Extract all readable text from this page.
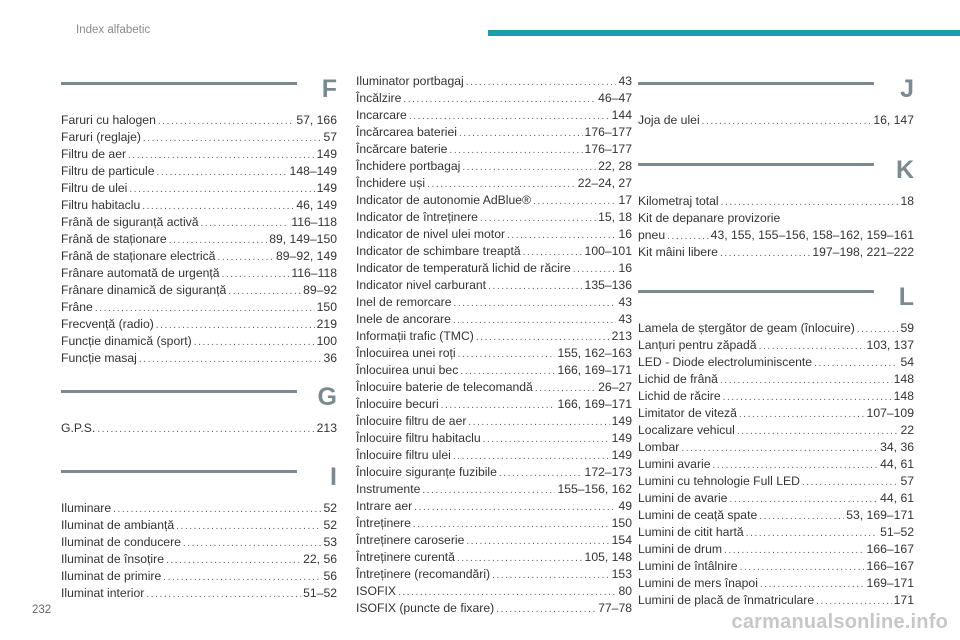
Index alfabetic
F
Faruri cu halogen .....	57, 166
Faruri (reglaje) .....	57
Filtru de aer .....	149
Filtru de particule .....	148–149
Filtru de ulei .....	149
Filtru habitaclu .....	46, 149
Frână de siguranță activă .....	116–118
Frână de staționare .....	89, 149–150
Frână de staționare electrică .....	89–92, 149
Frânare automată de urgență .....	116–118
Frânare dinamică de siguranță .....	89–92
Frâne .....	150
Frecvență (radio) .....	219
Funcție dinamică (sport) .....	100
Funcție masaj .....	36
G
G.P.S. .....	213
I
Iluminare .....	52
Iluminat de ambianță .....	52
Iluminat de conducere .....	53
Iluminat de însoțire .....	22, 56
Iluminat de primire .....	56
Iluminat interior .....	51–52
Iluminator portbagaj .....	43
Încălzire .....	46–47
Incarcare .....	144
Încărcarea bateriei .....	176–177
Încărcare baterie .....	176–177
Închidere portbagaj .....	22, 28
Închidere uși .....	22–24, 27
Indicator de autonomie AdBlue® .....	17
Indicator de întreținere .....	15, 18
Indicator de nivel ulei motor .....	16
Indicator de schimbare treaptă .....	100–101
Indicator de temperatură lichid de răcire .....	16
Indicator nivel carburant .....	135–136
Inel de remorcare .....	43
Inele de ancorare .....	43
Informații trafic (TMC) .....	213
Înlocuirea unei roți .....	155, 162–163
Înlocuirea unui bec .....	166, 169–171
Înlocuire baterie de telecomandă .....	26–27
Înlocuire becuri .....	166, 169–171
Înlocuire filtru de aer .....	149
Înlocuire filtru habitaclu .....	149
Înlocuire filtru ulei .....	149
Înlocuire siguranțe fuzibile .....	172–173
Instrumente .....	155–156, 162
Intrare aer .....	49
Întreținere .....	150
Întreținere caroserie .....	154
Întreținere curentă .....	105, 148
Întreținere (recomandări) .....	153
ISOFIX .....	80
ISOFIX (puncte de fixare) .....	77–78
J
Joja de ulei .....	16, 147
K
Kilometraj total .....	18
Kit de depanare provizorie
pneu .....	43, 155, 155–156, 158–162, 159–161
Kit mâini libere .....	197–198, 221–222
L
Lamela de ștergător de geam (înlocuire) .....	59
Lanțuri pentru zăpadă .....	103, 137
LED - Diode electroluminiscente .....	54
Lichid de frână .....	148
Lichid de răcire .....	148
Limitator de viteză .....	107–109
Localizare vehicul .....	22
Lombar .....	34, 36
Lumini avarie .....	44, 61
Lumini cu tehnologie Full LED .....	57
Lumini de avarie .....	44, 61
Lumini de ceață spate .....	53, 169–171
Lumini de citit hartă .....	51–52
Lumini de drum .....	166–167
Lumini de întâlnire .....	166–167
Lumini de mers înapoi .....	169–171
Lumini de placă de înmatriculare .....	171
232
carmanualsonline.info
